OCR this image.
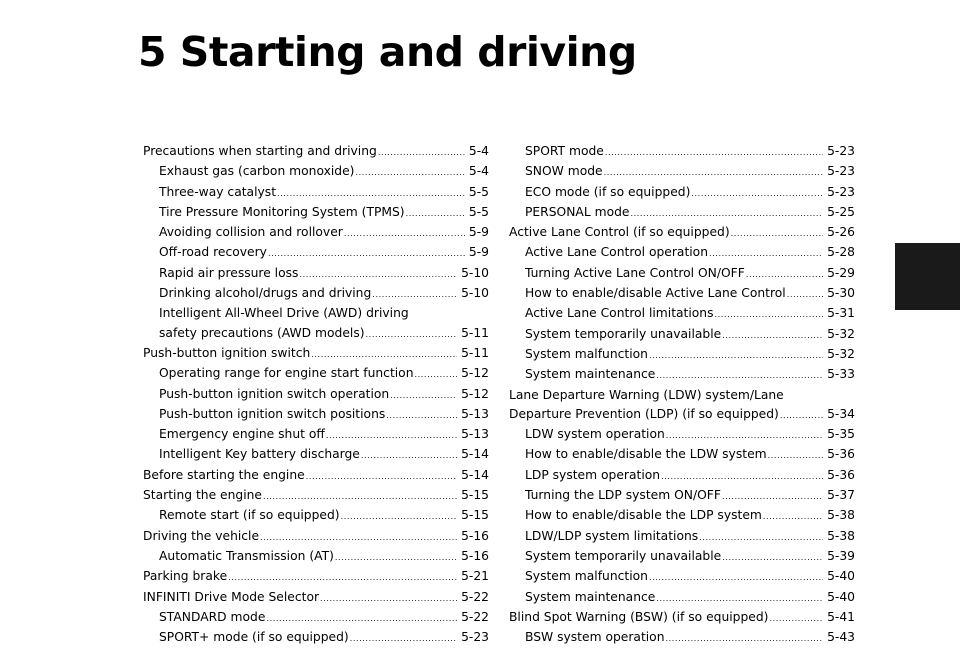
5 Starting and driving
Precautions when starting and driving .....	5-4
Exhaust gas (carbon monoxide) .....	5-4
Three-way catalyst .....	5-5
Tire Pressure Monitoring System (TPMS) .....	5-5
Avoiding collision and rollover .....	5-9
Off-road recovery .....	5-9
Rapid air pressure loss .....	5-10
Drinking alcohol/drugs and driving .....	5-10
Intelligent All-Wheel Drive (AWD) driving
safety precautions (AWD models) .....	5-11
Push-button ignition switch .....	5-11
Operating range for engine start function .....	5-12
Push-button ignition switch operation .....	5-12
Push-button ignition switch positions .....	5-13
Emergency engine shut off .....	5-13
Intelligent Key battery discharge .....	5-14
Before starting the engine .....	5-14
Starting the engine .....	5-15
Remote start (if so equipped) .....	5-15
Driving the vehicle .....	5-16
Automatic Transmission (AT) .....	5-16
Parking brake .....	5-21
INFINITI Drive Mode Selector .....	5-22
STANDARD mode .....	5-22
SPORT+ mode (if so equipped) .....	5-23
SPORT mode .....	5-23
SNOW mode .....	5-23
ECO mode (if so equipped) .....	5-23
PERSONAL mode .....	5-25
Active Lane Control (if so equipped) .....	5-26
Active Lane Control operation .....	5-28
Turning Active Lane Control ON/OFF .....	5-29
How to enable/disable Active Lane Control .....	5-30
Active Lane Control limitations .....	5-31
System temporarily unavailable .....	5-32
System malfunction .....	5-32
System maintenance .....	5-33
Lane Departure Warning (LDW) system/Lane
Departure Prevention (LDP) (if so equipped) .....	5-34
LDW system operation .....	5-35
How to enable/disable the LDW system .....	5-36
LDP system operation .....	5-36
Turning the LDP system ON/OFF .....	5-37
How to enable/disable the LDP system .....	5-38
LDW/LDP system limitations .....	5-38
System temporarily unavailable .....	5-39
System malfunction .....	5-40
System maintenance .....	5-40
Blind Spot Warning (BSW) (if so equipped) .....	5-41
BSW system operation .....	5-43
